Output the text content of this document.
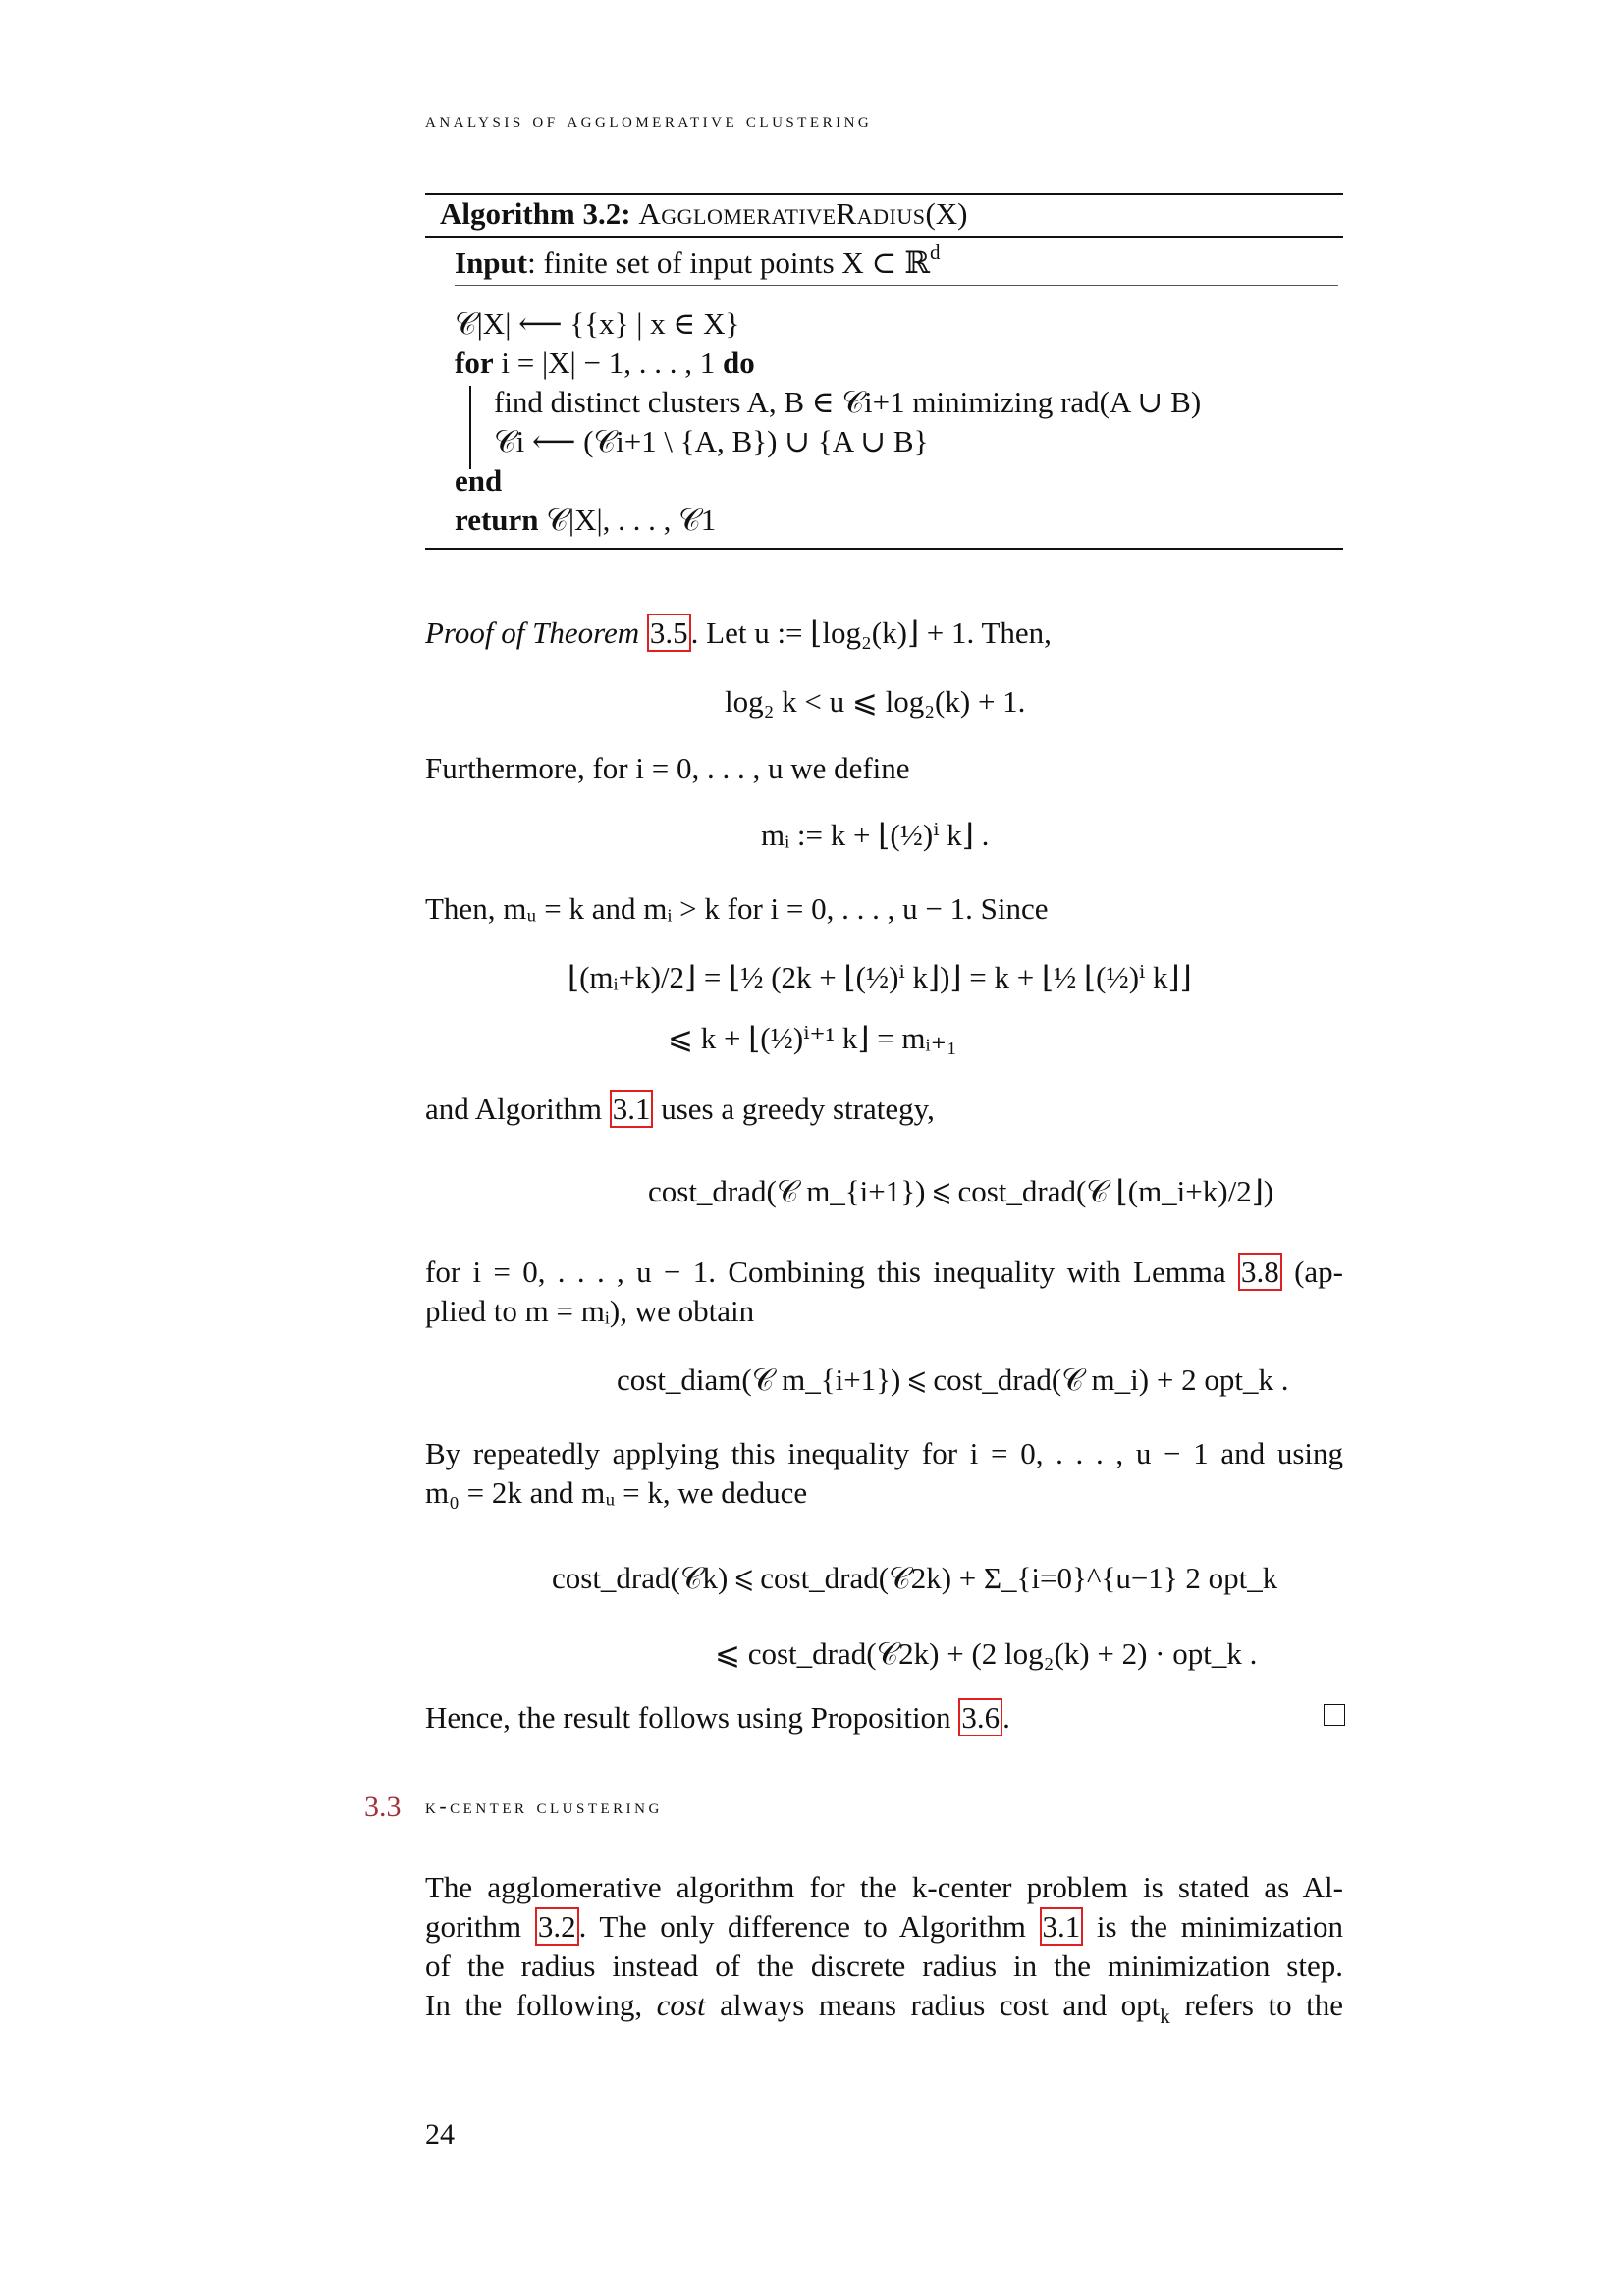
analysis of agglomerative clustering
Algorithm 3.2: AgglomerativeRadius(X)
Input: finite set of input points X ⊂ ℝ$^d$
𝒞|X| ⟵ {{x} | x ∈ X}
for i = |X| − 1, . . . , 1 do
find distinct clusters A, B ∈ 𝒞i+1 minimizing rad(A ∪ B)
𝒞i ⟵ (𝒞i+1 \ {A, B}) ∪ {A ∪ B}
end
return 𝒞|X|, . . . , 𝒞1
Proof of Theorem 3.5. Let u := ⌊log₂(k)⌋ + 1. Then,
log₂ k < u ⩽ log₂(k) + 1.
Furthermore, for i = 0, . . . , u we define
mᵢ := k + ⌊(½)ⁱ k⌋ .
Then, mᵤ = k and mᵢ > k for i = 0, . . . , u − 1. Since
⌊(mᵢ+k)/2⌋ = ⌊½ (2k + ⌊(½)ⁱ k⌋)⌋ = k + ⌊½ ⌊(½)ⁱ k⌋⌋
⩽ k + ⌊(½)ⁱ⁺¹ k⌋ = mᵢ₊₁
and Algorithm 3.1 uses a greedy strategy,
cost_drad(𝒞 m_{i+1}) ⩽ cost_drad(𝒞 ⌊(m_i+k)/2⌋)
for i = 0, . . . , u − 1. Combining this inequality with Lemma 3.8 (ap-
plied to m = mᵢ), we obtain
cost_diam(𝒞 m_{i+1}) ⩽ cost_drad(𝒞 m_i) + 2 opt_k .
By repeatedly applying this inequality for i = 0, . . . , u − 1 and using
m₀ = 2k and mᵤ = k, we deduce
cost_drad(𝒞k) ⩽ cost_drad(𝒞2k) + Σ_{i=0}^{u−1} 2 opt_k
⩽ cost_drad(𝒞2k) + (2 log₂(k) + 2) · opt_k .
Hence, the result follows using Proposition 3.6.
3.3 k-center clustering
The agglomerative algorithm for the k-center problem is stated as Al-
gorithm 3.2. The only difference to Algorithm 3.1 is the minimization
of the radius instead of the discrete radius in the minimization step.
In the following, cost always means radius cost and opt$_k$ refers to the
24
